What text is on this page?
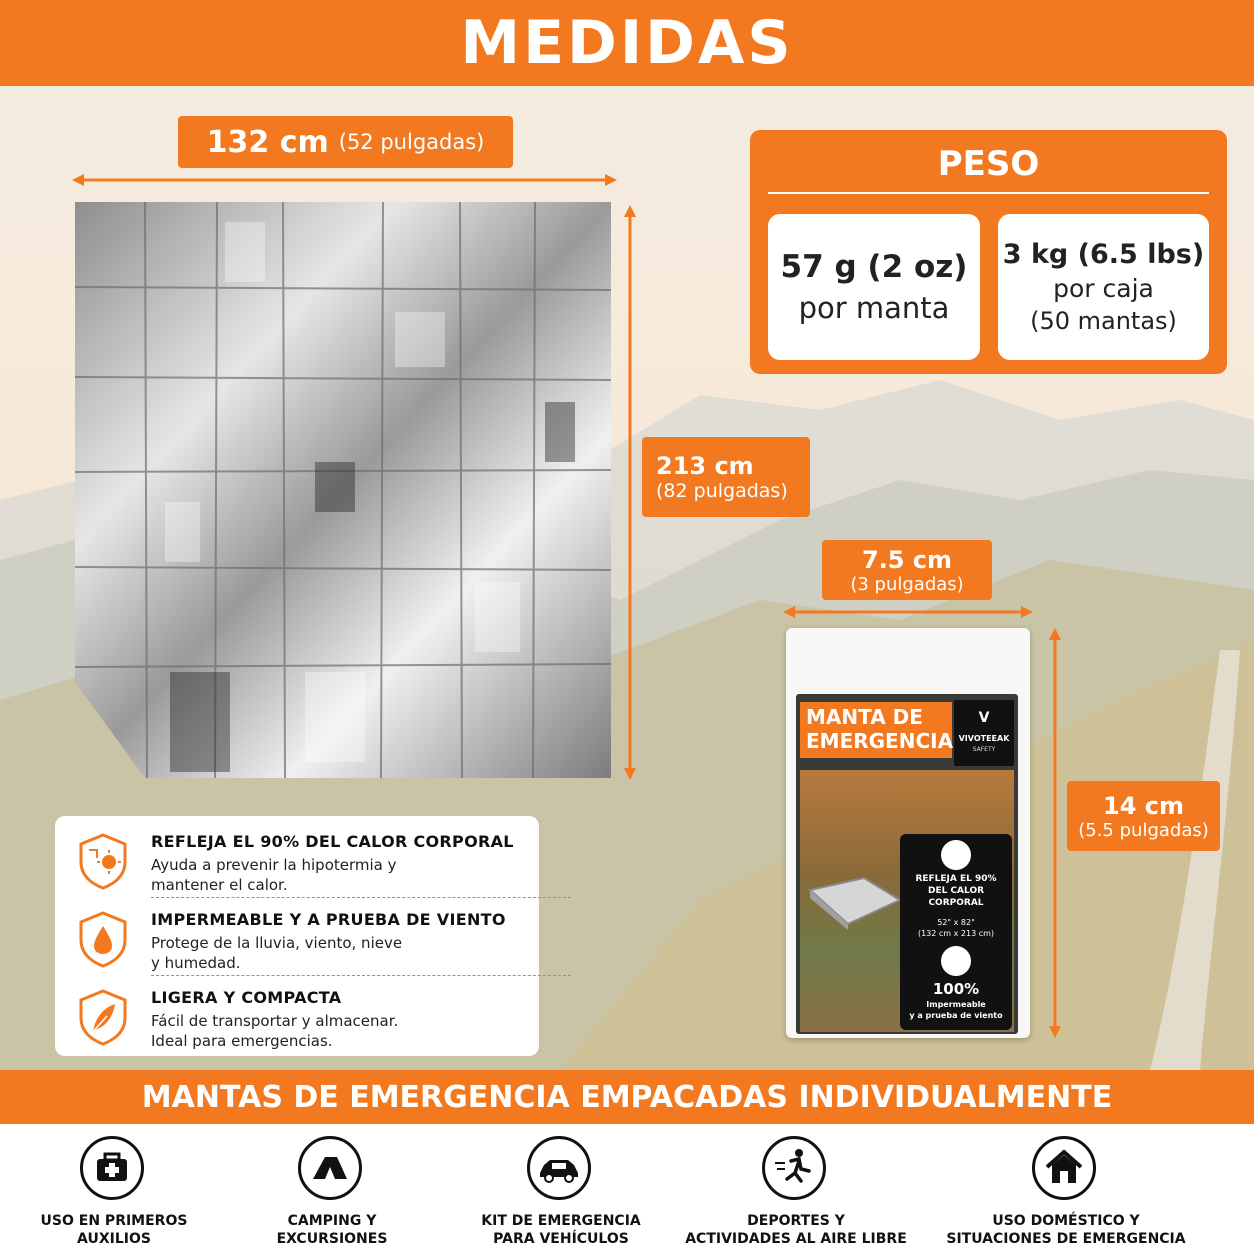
MEDIDAS
132 cm (52 pulgadas)
213 cm
(82 pulgadas)
PESO
57 g (2 oz)
por manta
3 kg (6.5 lbs)
por caja
(50 mantas)
7.5 cm
(3 pulgadas)
MANTA DE
EMERGENCIA
V
VIVOTEEAK
SAFETY
REFLEJA EL 90%
DEL CALOR
CORPORAL
52" x 82"
(132 cm x 213 cm)
100%
Impermeable
y a prueba de viento
14 cm
(5.5 pulgadas)
REFLEJA EL 90% DEL CALOR CORPORAL
Ayuda a prevenir la hipotermia y
mantener el calor.
IMPERMEABLE Y A PRUEBA DE VIENTO
Protege de la lluvia, viento, nieve
y humedad.
LIGERA Y COMPACTA
Fácil de transportar y almacenar.
Ideal para emergencias.
MANTAS DE EMERGENCIA EMPACADAS INDIVIDUALMENTE
USO EN PRIMEROS
AUXILIOS
CAMPING Y
EXCURSIONES
KIT DE EMERGENCIA
PARA VEHÍCULOS
DEPORTES Y
ACTIVIDADES AL AIRE LIBRE
USO DOMÉSTICO Y
SITUACIONES DE EMERGENCIA
